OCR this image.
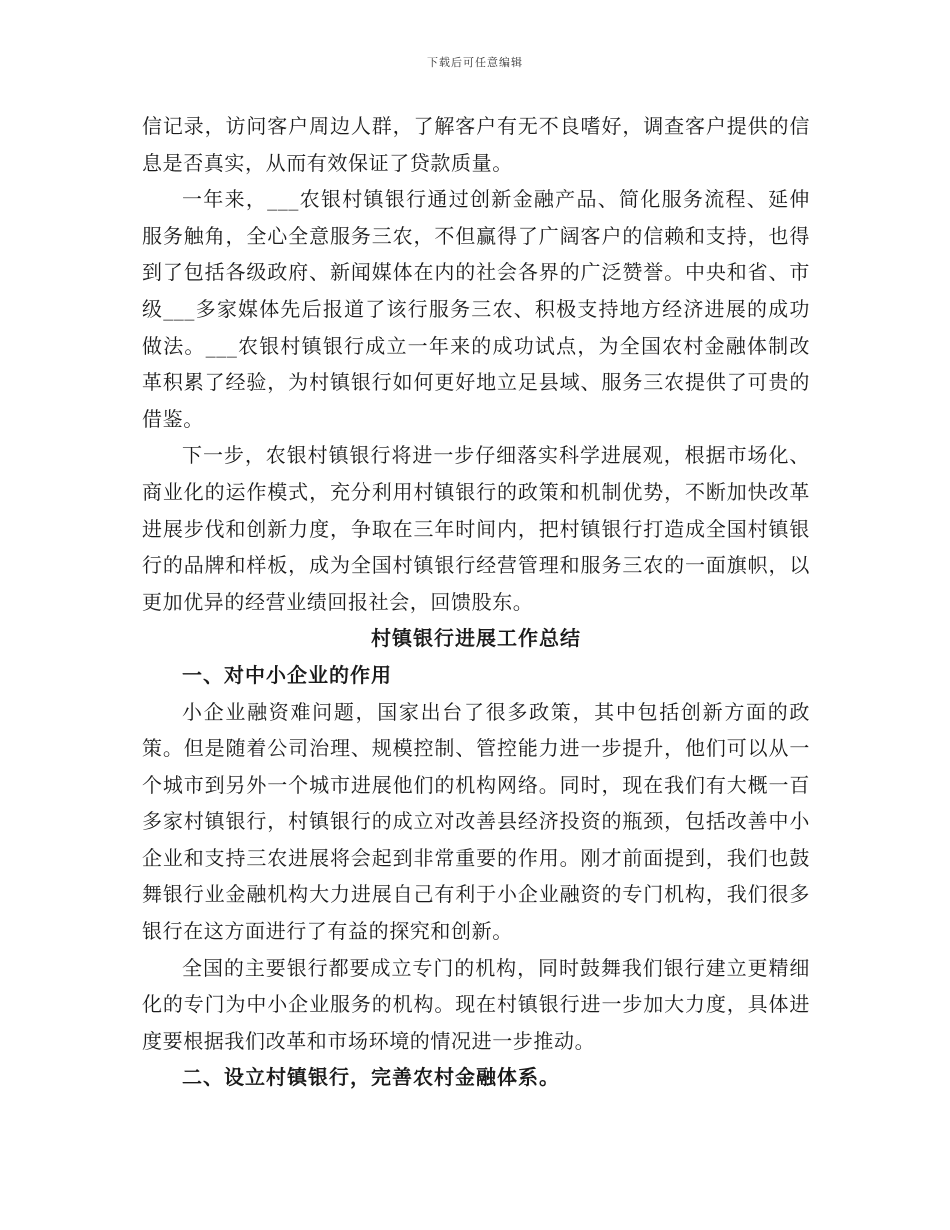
下载后可任意编辑

信记录，访问客户周边人群，了解客户有无不良嗜好，调查客户提供的信息是否真实，从而有效保证了贷款质量。

一年来，___农银村镇银行通过创新金融产品、简化服务流程、延伸服务触角，全心全意服务三农，不但赢得了广阔客户的信赖和支持，也得到了包括各级政府、新闻媒体在内的社会各界的广泛赞誉。中央和省、市级___多家媒体先后报道了该行服务三农、积极支持地方经济进展的成功做法。___农银村镇银行成立一年来的成功试点，为全国农村金融体制改革积累了经验，为村镇银行如何更好地立足县域、服务三农提供了可贵的借鉴。

下一步，农银村镇银行将进一步仔细落实科学进展观，根据市场化、商业化的运作模式，充分利用村镇银行的政策和机制优势，不断加快改革进展步伐和创新力度，争取在三年时间内，把村镇银行打造成全国村镇银行的品牌和样板，成为全国村镇银行经营管理和服务三农的一面旗帜，以更加优异的经营业绩回报社会，回馈股东。

村镇银行进展工作总结
一、对中小企业的作用

小企业融资难问题，国家出台了很多政策，其中包括创新方面的政策。但是随着公司治理、规模控制、管控能力进一步提升，他们可以从一个城市到另外一个城市进展他们的机构网络。同时，现在我们有大概一百多家村镇银行，村镇银行的成立对改善县经济投资的瓶颈，包括改善中小企业和支持三农进展将会起到非常重要的作用。刚才前面提到，我们也鼓舞银行业金融机构大力进展自己有利于小企业融资的专门机构，我们很多银行在这方面进行了有益的探究和创新。

全国的主要银行都要成立专门的机构，同时鼓舞我们银行建立更精细化的专门为中小企业服务的机构。现在村镇银行进一步加大力度，具体进度要根据我们改革和市场环境的情况进一步推动。

二、设立村镇银行，完善农村金融体系。
